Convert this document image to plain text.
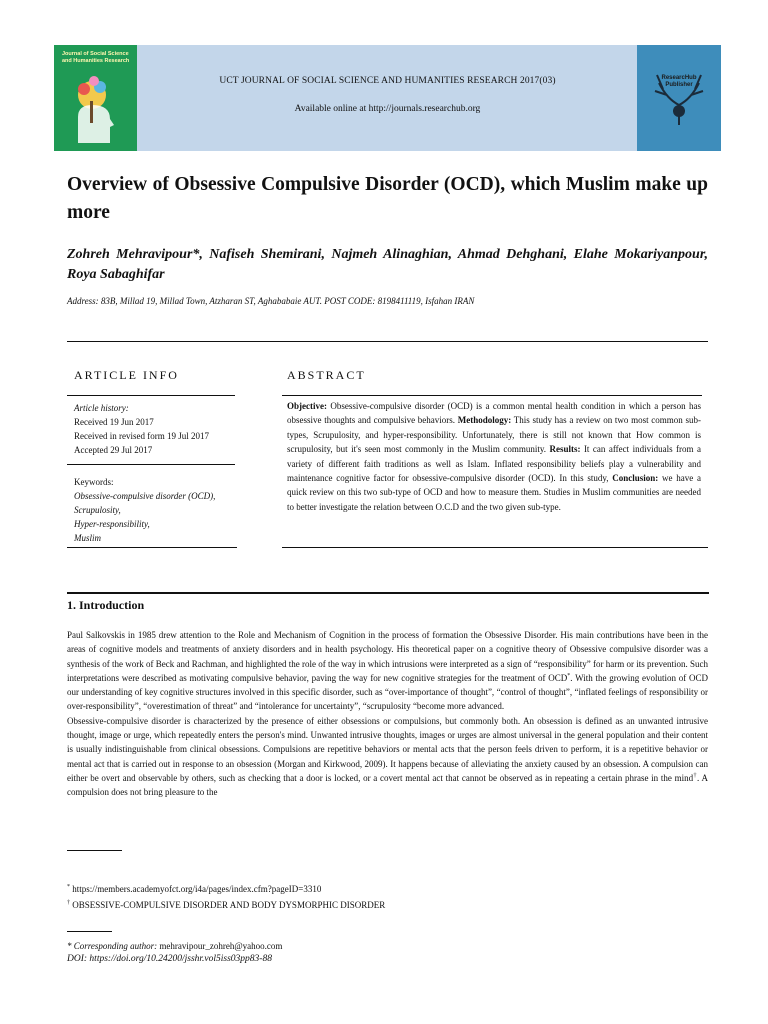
Journal of Social Science and Humanities Research
UCT JOURNAL OF SOCIAL SCIENCE AND HUMANITIES RESEARCH 2017(03)
Available online at http://journals.researchub.org
ResearcHub Publisher
Overview of Obsessive Compulsive Disorder (OCD), which Muslim make up more
Zohreh Mehravipour*, Nafiseh Shemirani, Najmeh Alinaghian, Ahmad Dehghani, Elahe Mokariyanpour, Roya Sabaghifar
Address: 83B, Millad 19, Millad Town, Atzharan ST, Aghababaie AUT. POST CODE: 8198411119, Isfahan IRAN
ARTICLE INFO
Article history:
Received 19 Jun 2017
Received in revised form 19 Jul 2017
Accepted 29 Jul 2017
Keywords:
Obsessive-compulsive disorder (OCD),
Scrupulosity,
Hyper-responsibility,
Muslim
ABSTRACT
Objective: Obsessive-compulsive disorder (OCD) is a common mental health condition in which a person has obsessive thoughts and compulsive behaviors. Methodology: This study has a review on two most common sub-types, Scrupulosity, and hyper-responsibility. Unfortunately, there is still not known that How common is scrupulosity, but it's seen most commonly in the Muslim community. Results: It can affect individuals from a variety of different faith traditions as well as Islam. Inflated responsibility beliefs play a vulnerability and maintenance cognitive factor for obsessive-compulsive disorder (OCD). In this study, Conclusion: we have a quick review on this two sub-type of OCD and how to measure them. Studies in Muslim communities are needed to better investigate the relation between O.C.D and the two given sub-type.
1. Introduction

Paul Salkovskis in 1985 drew attention to the Role and Mechanism of Cognition in the process of formation the Obsessive Disorder. His main contributions have been in the areas of cognitive models and treatments of anxiety disorders and in health psychology. His theoretical paper on a cognitive theory of Obsessive compulsive disorder was a synthesis of the work of Beck and Rachman, and highlighted the role of the way in which intrusions were interpreted as a sign of “responsibility” for harm or its prevention. Such interpretations were described as motivating compulsive behavior, paving the way for new cognitive strategies for the treatment of OCD*. With the growing evolution of OCD our understanding of key cognitive structures involved in this specific disorder, such as “over-importance of thought”, “control of thought”, “inflated feelings of responsibility or over-responsibility”, “overestimation of threat” and “intolerance for uncertainty”, “scrupulosity “become more advanced.

Obsessive-compulsive disorder is characterized by the presence of either obsessions or compulsions, but commonly both. An obsession is defined as an unwanted intrusive thought, image or urge, which repeatedly enters the person's mind. Unwanted intrusive thoughts, images or urges are almost universal in the general population and their content is usually indistinguishable from clinical obsessions. Compulsions are repetitive behaviors or mental acts that the person feels driven to perform, it is a repetitive behavior or mental act that is carried out in response to an obsession (Morgan and Kirkwood, 2009). It happens because of alleviating the anxiety caused by an obsession. A compulsion can either be overt and observable by others, such as checking that a door is locked, or a covert mental act that cannot be observed as in repeating a certain phrase in the mind†. A compulsion does not bring pleasure to the

* https://members.academyofct.org/i4a/pages/index.cfm?pageID=3310
† OBSESSIVE-COMPULSIVE DISORDER AND BODY DYSMORPHIC DISORDER
* Corresponding author: mehravipour_zohreh@yahoo.com
DOI: https://doi.org/10.24200/jsshr.vol5iss03pp83-88
